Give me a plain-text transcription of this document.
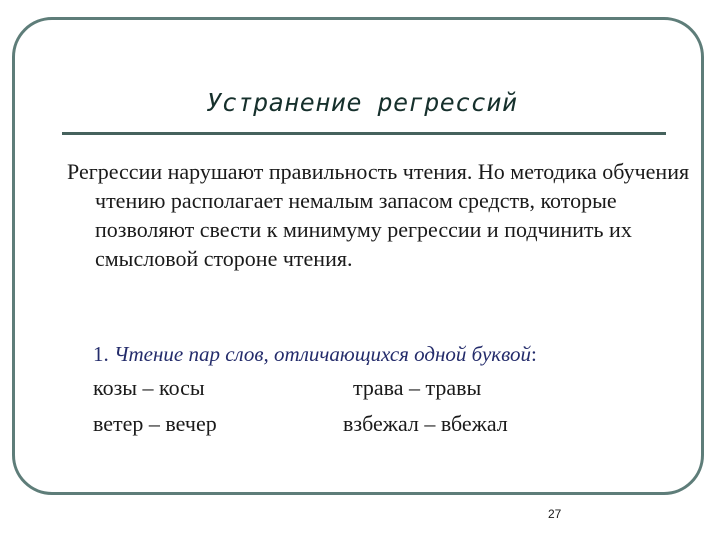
Устранение регрессий
Регрессии нарушают правильность чтения. Но методика обучения чтению располагает немалым запасом средств, которые позволяют свести к минимуму регрессии и подчинить их смысловой стороне чтения.
1. Чтение пар слов, отличающихся одной буквой:
козы – косы	трава – травы
ветер – вечер	взбежал – вбежал
27
